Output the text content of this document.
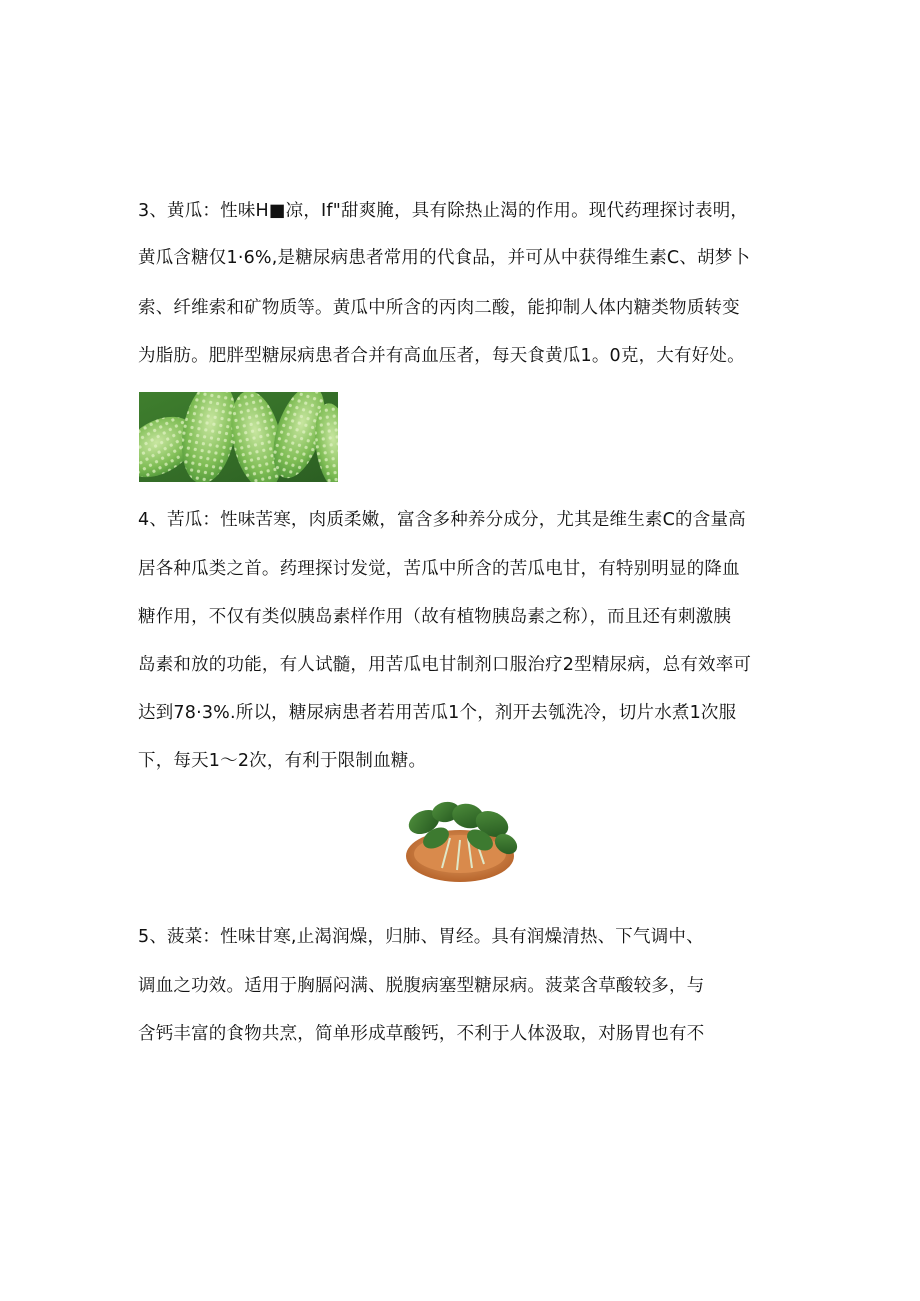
3、黄瓜：性味H■凉，If"甜爽腌，具有除热止渴的作用。现代药理探讨表明，
黄瓜含糖仅1·6%,是糖尿病患者常用的代食品，并可从中获得维生素C、胡梦卜
索、纤维索和矿物质等。黄瓜中所含的丙肉二酸，能抑制人体内糖类物质转变
为脂肪。肥胖型糖尿病患者合并有高血压者，每天食黄瓜1。0克，大有好处。
4、苦瓜：性味苦寒，肉质柔嫩，富含多种养分成分，尤其是维生素C的含量高
居各种瓜类之首。药理探讨发觉，苦瓜中所含的苦瓜电甘，有特别明显的降血
糖作用，不仅有类似胰岛素样作用（故有植物胰岛素之称），而且还有刺激胰
岛素和放的功能，有人试髓，用苦瓜电甘制剂口服治疗2型精尿病，总有效率可
达到78·3%.所以，糖尿病患者若用苦瓜1个，剂开去瓠洗冷，切片水煮1次服
下，每天1～2次，有利于限制血糖。
5、菠菜：性味甘寒,止渴润燥，归肺、胃经。具有润燥清热、下气调中、
调血之功效。适用于胸膈闷满、脱腹病塞型糖尿病。菠菜含草酸较多，与
含钙丰富的食物共烹，简单形成草酸钙，不利于人体汲取，对肠胃也有不
